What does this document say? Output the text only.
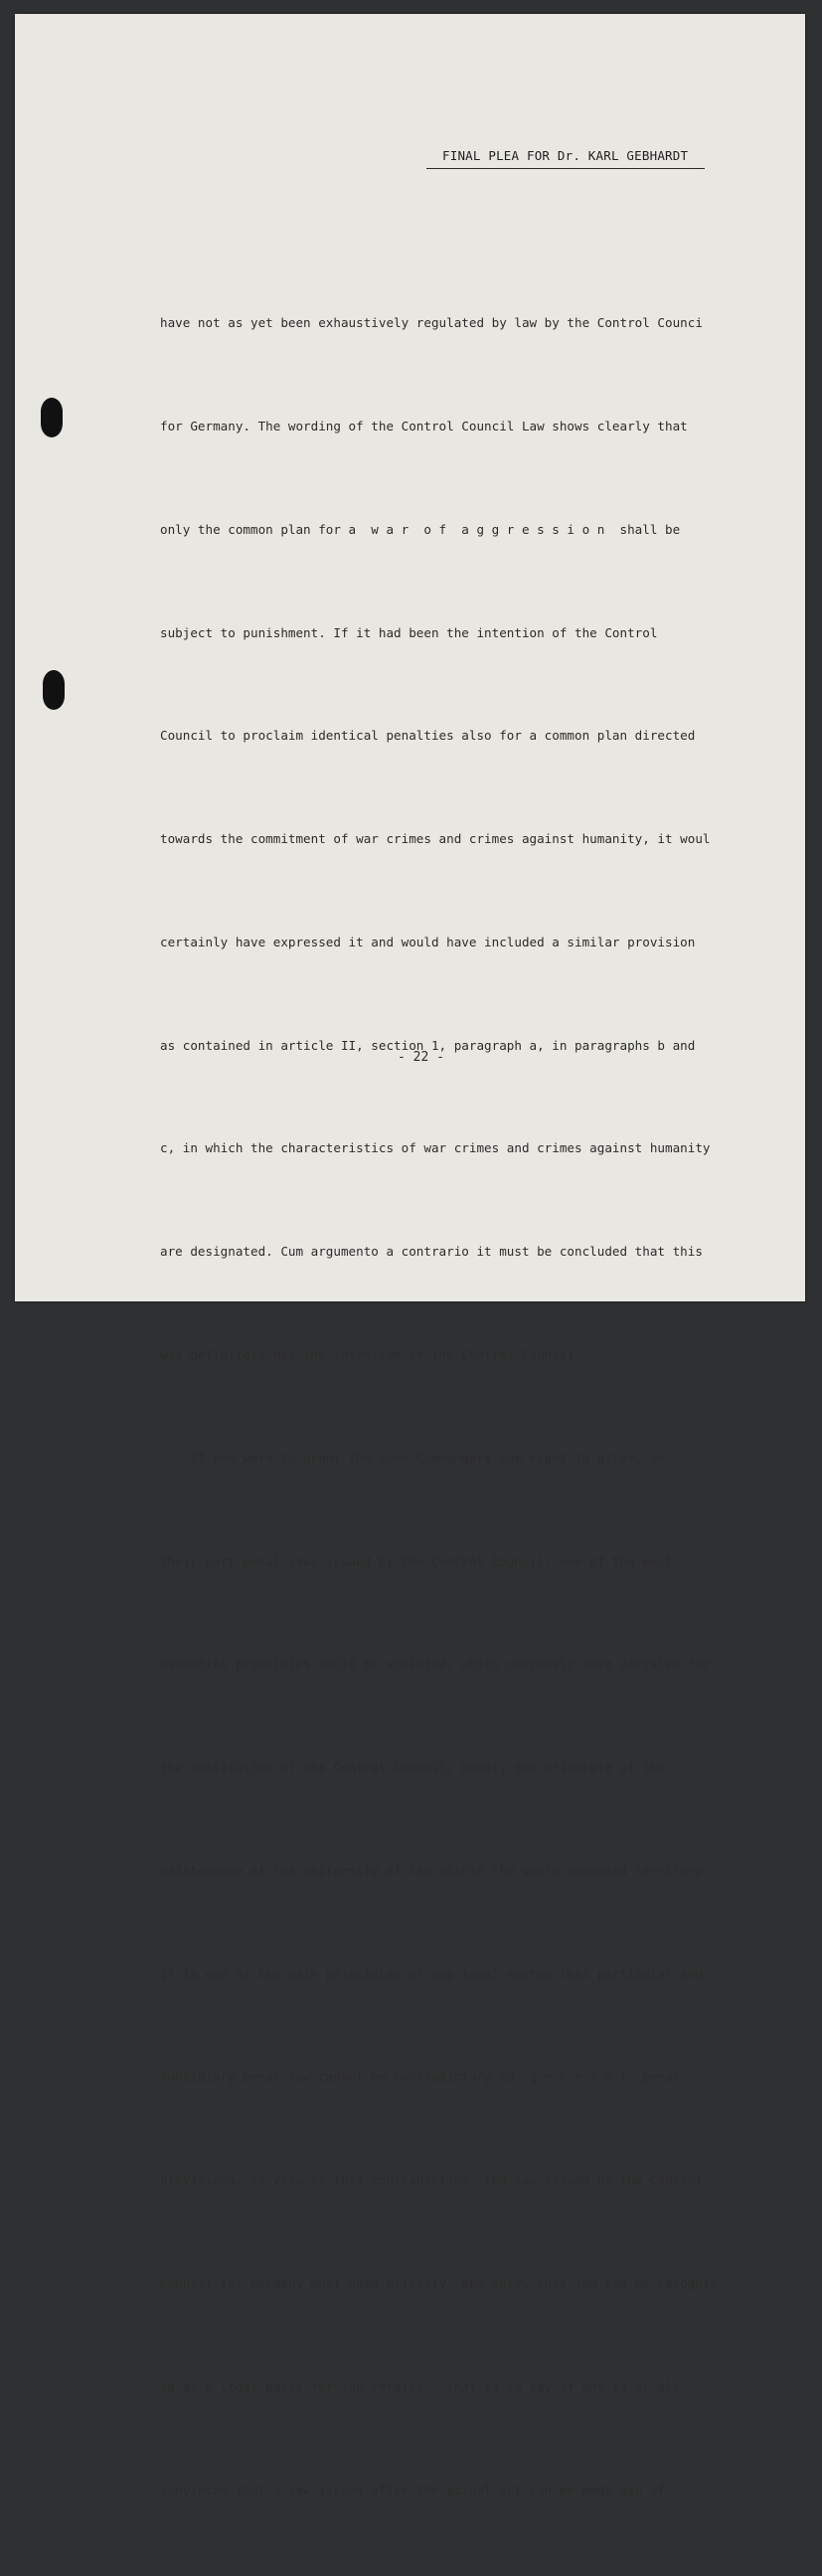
FINAL PLEA FOR Dr. KARL GEBHARDT

have not as yet been exhaustively regulated by law by the Control Counci

for Germany. The wording of the Control Council Law shows clearly that

only the common plan for a  w a r  o f  a g g r e s s i o n  shall be

subject to punishment. If it had been the intention of the Control

Council to proclaim identical penalties also for a common plan directed

towards the commitment of war crimes and crimes against humanity, it woul

certainly have expressed it and would have included a similar provision

as contained in article II, section 1, paragraph a, in paragraphs b and

c, in which the characteristics of war crimes and crimes against humanity

are designated. Cum argumento a contrario it must be concluded that this

was definitely not the intention of the Control Council.

If one were to grant the Zone Commanders the right to alter, on

their part penal laws issued by the Control Council, one of the most

essential principles would be violated, which obviously were decisive for

the institution of the Control Council, namely the principle of the

maintenance of the uniformity of law within the whole occupied territory.

It is one of the main principles of any legal system that particular and

subsidiary penal law cannot be contradictory to  g e n e r a l  penal

provisions. In view of this contradiction, the law issued by the Control

Council for Germany must have priority, and only, this law can be recogniz-

ed as a legal basis for the verdict - that is to say if one is at all

convinced that a law issued after the actual act can be made use of

- 22 -
